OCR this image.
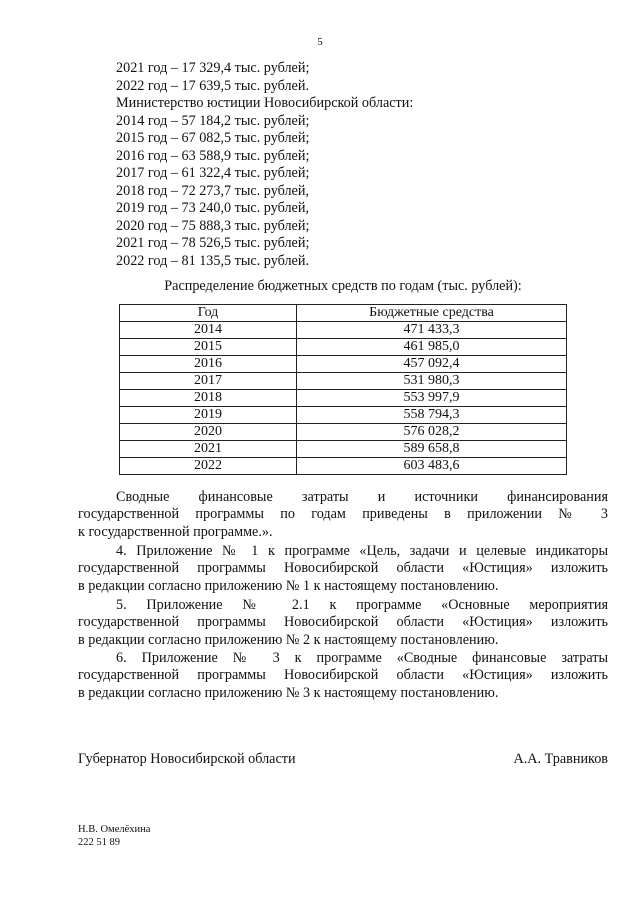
5
2021 год – 17 329,4 тыс. рублей;
2022 год – 17 639,5 тыс. рублей.
Министерство юстиции Новосибирской области:
2014 год – 57 184,2 тыс. рублей;
2015 год – 67 082,5 тыс. рублей;
2016 год – 63 588,9 тыс. рублей;
2017 год – 61 322,4 тыс. рублей;
2018 год – 72 273,7 тыс. рублей,
2019 год – 73 240,0 тыс. рублей,
2020 год – 75 888,3 тыс. рублей;
2021 год – 78 526,5 тыс. рублей;
2022 год – 81 135,5 тыс. рублей.
Распределение бюджетных средств по годам (тыс. рублей):
Год	Бюджетные средства
2014	471 433,3
2015	461 985,0
2016	457 092,4
2017	531 980,3
2018	553 997,9
2019	558 794,3
2020	576 028,2
2021	589 658,8
2022	603 483,6

Сводные финансовые затраты и источники финансирования

государственной программы по годам приведены в приложении № 3

к государственной программе.».

4. Приложение № 1 к программе «Цель, задачи и целевые индикаторы

государственной программы Новосибирской области «Юстиция» изложить

в редакции согласно приложению № 1 к настоящему постановлению.

5. Приложение № 2.1 к программе «Основные мероприятия

государственной программы Новосибирской области «Юстиция» изложить

в редакции согласно приложению № 2 к настоящему постановлению.

6. Приложение № 3 к программе «Сводные финансовые затраты

государственной программы Новосибирской области «Юстиция» изложить

в редакции согласно приложению № 3 к настоящему постановлению.

Губернатор Новосибирской области	А.А. Травников
Н.В. Омелёхина
222 51 89
